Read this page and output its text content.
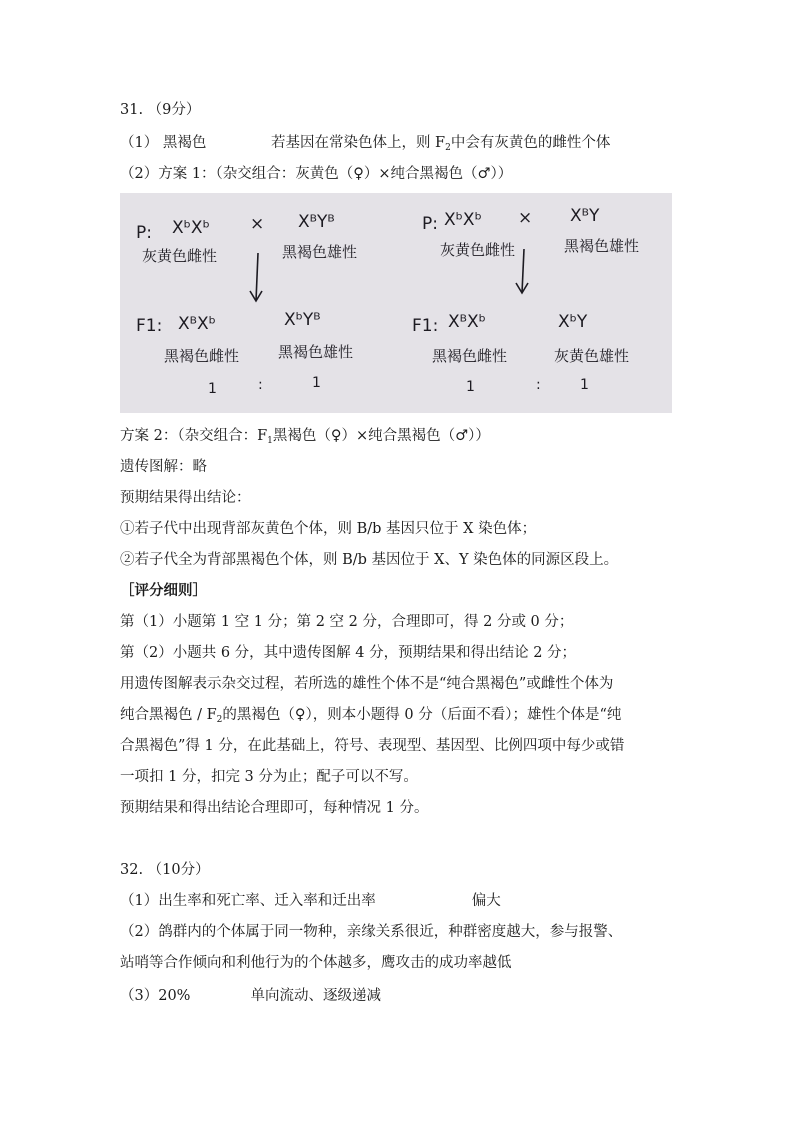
31. （9分）
（1） 黑褐色	若基因在常染色体上，则 $F_2$中会有灰黄色的雌性个体
（2）方案 1：（杂交组合：灰黄色（♀）×纯合黑褐色（♂））
P: XᵇXᵇ × XᴮYᴮ
灰黄色雌性	黑褐色雄性
F1: XᴮXᵇ	XᵇYᴮ
黑褐色雌性	黑褐色雄性
1	:	1
P: XᵇXᵇ × XᴮY
灰黄色雌性	黑褐色雄性
F1: XᴮXᵇ	XᵇY
黑褐色雌性	灰黄色雄性
1	:	1
方案 2：（杂交组合：$F_1$黑褐色（♀）×纯合黑褐色（♂））
遗传图解：略
预期结果得出结论：
①若子代中出现背部灰黄色个体，则 B/b 基因只位于 X 染色体；
②若子代全为背部黑褐色个体，则 B/b 基因位于 X、Y 染色体的同源区段上。
［评分细则］
第（1）小题第 1 空 1 分；第 2 空 2 分，合理即可，得 2 分或 0 分；
第（2）小题共 6 分，其中遗传图解 4 分，预期结果和得出结论 2 分；
用遗传图解表示杂交过程，若所选的雄性个体不是“纯合黑褐色”或雌性个体为
纯合黑褐色 / $F_2$的黑褐色（♀），则本小题得 0 分（后面不看）；雄性个体是“纯
合黑褐色”得 1 分，在此基础上，符号、表现型、基因型、比例四项中每少或错
一项扣 1 分，扣完 3 分为止；配子可以不写。
预期结果和得出结论合理即可，每种情况 1 分。
32. （10分）
（1）出生率和死亡率、迁入率和迁出率	偏大
（2）鸽群内的个体属于同一物种，亲缘关系很近，种群密度越大，参与报警、
站哨等合作倾向和利他行为的个体越多，鹰攻击的成功率越低
（3）20%	单向流动、逐级递减
